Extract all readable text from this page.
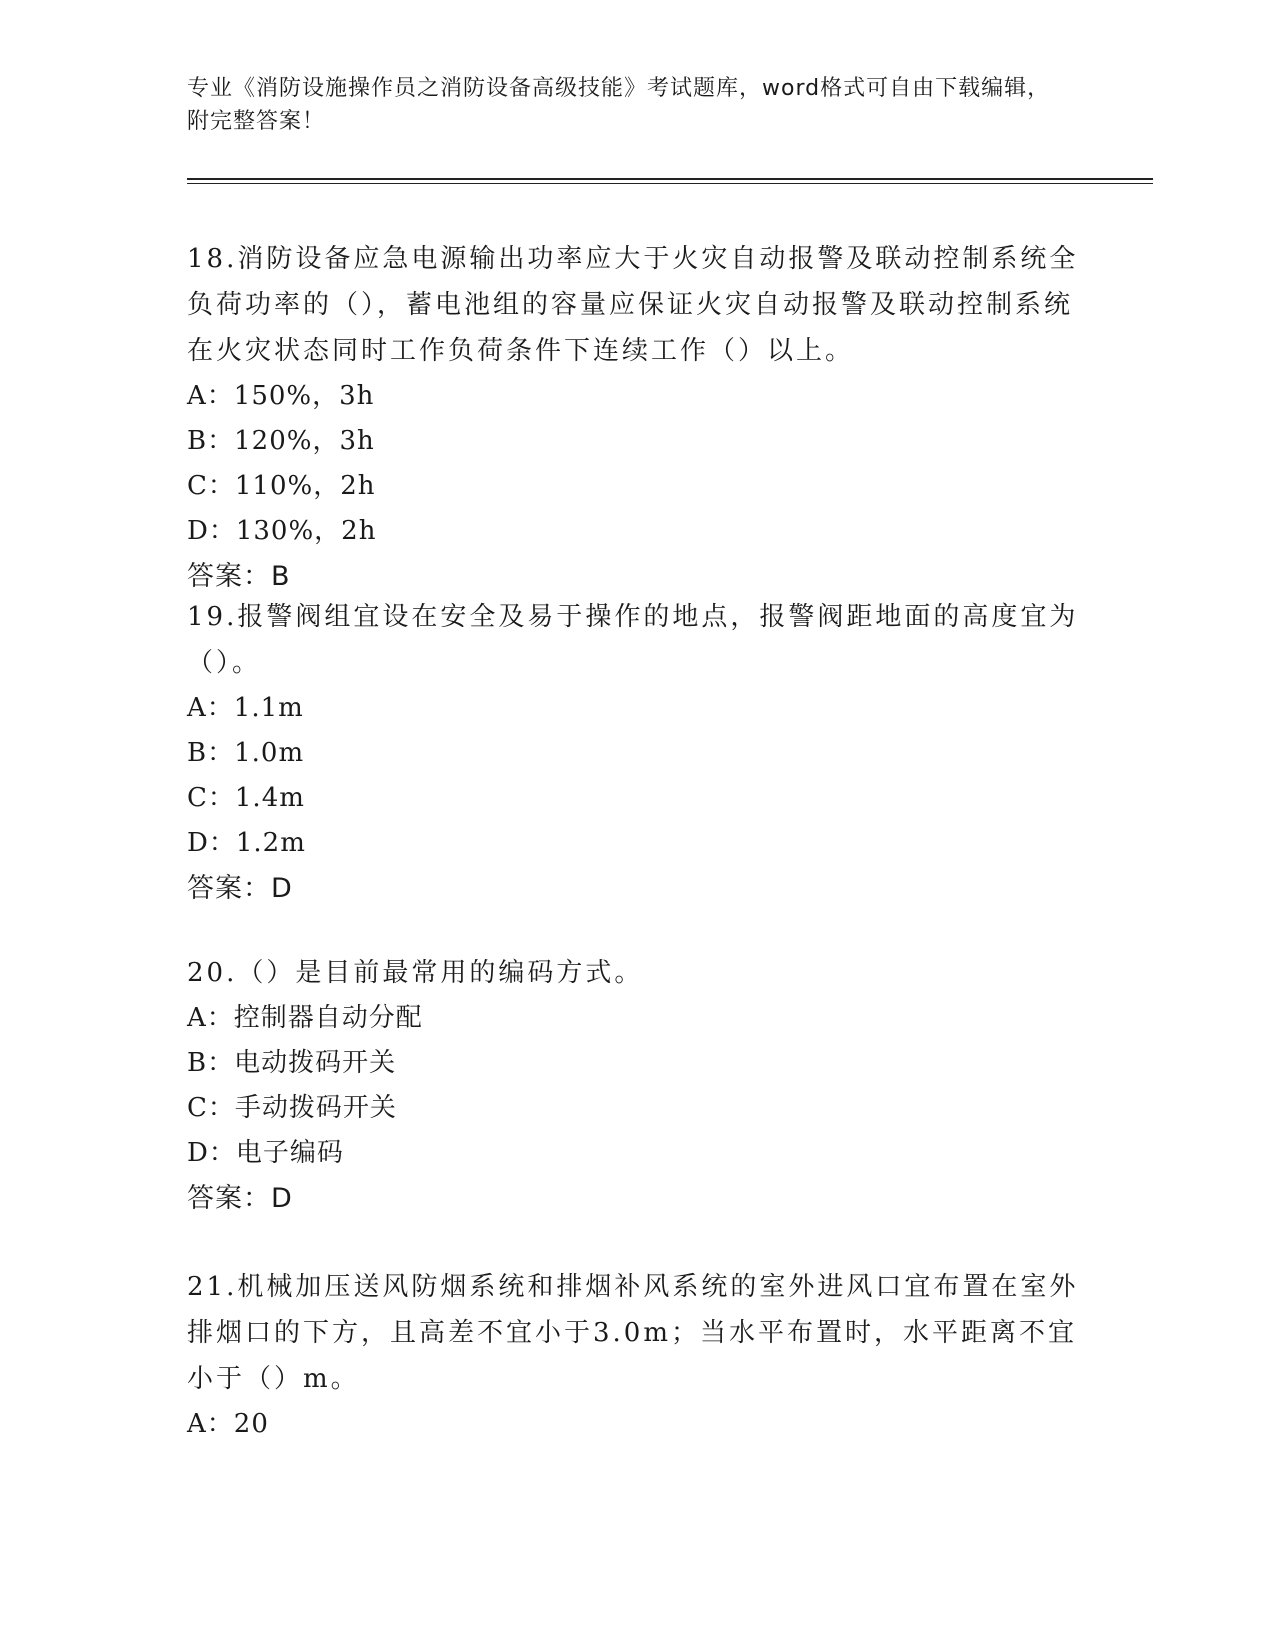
专业《消防设施操作员之消防设备高级技能》考试题库，word格式可自由下载编辑，附完整答案！
18.消防设备应急电源输出功率应大于火灾自动报警及联动控制系统全负荷功率的（），蓄电池组的容量应保证火灾自动报警及联动控制系统在火灾状态同时工作负荷条件下连续工作（）以上。
A：150%，3h
B：120%，3h
C：110%，2h
D：130%，2h
答案：B
19.报警阀组宜设在安全及易于操作的地点，报警阀距地面的高度宜为（）。
A：1.1m
B：1.0m
C：1.4m
D：1.2m
答案：D
20.（）是目前最常用的编码方式。
A：控制器自动分配
B：电动拨码开关
C：手动拨码开关
D：电子编码
答案：D
21.机械加压送风防烟系统和排烟补风系统的室外进风口宜布置在室外排烟口的下方，且高差不宜小于3.0m；当水平布置时，水平距离不宜小于（）m。
A：20
